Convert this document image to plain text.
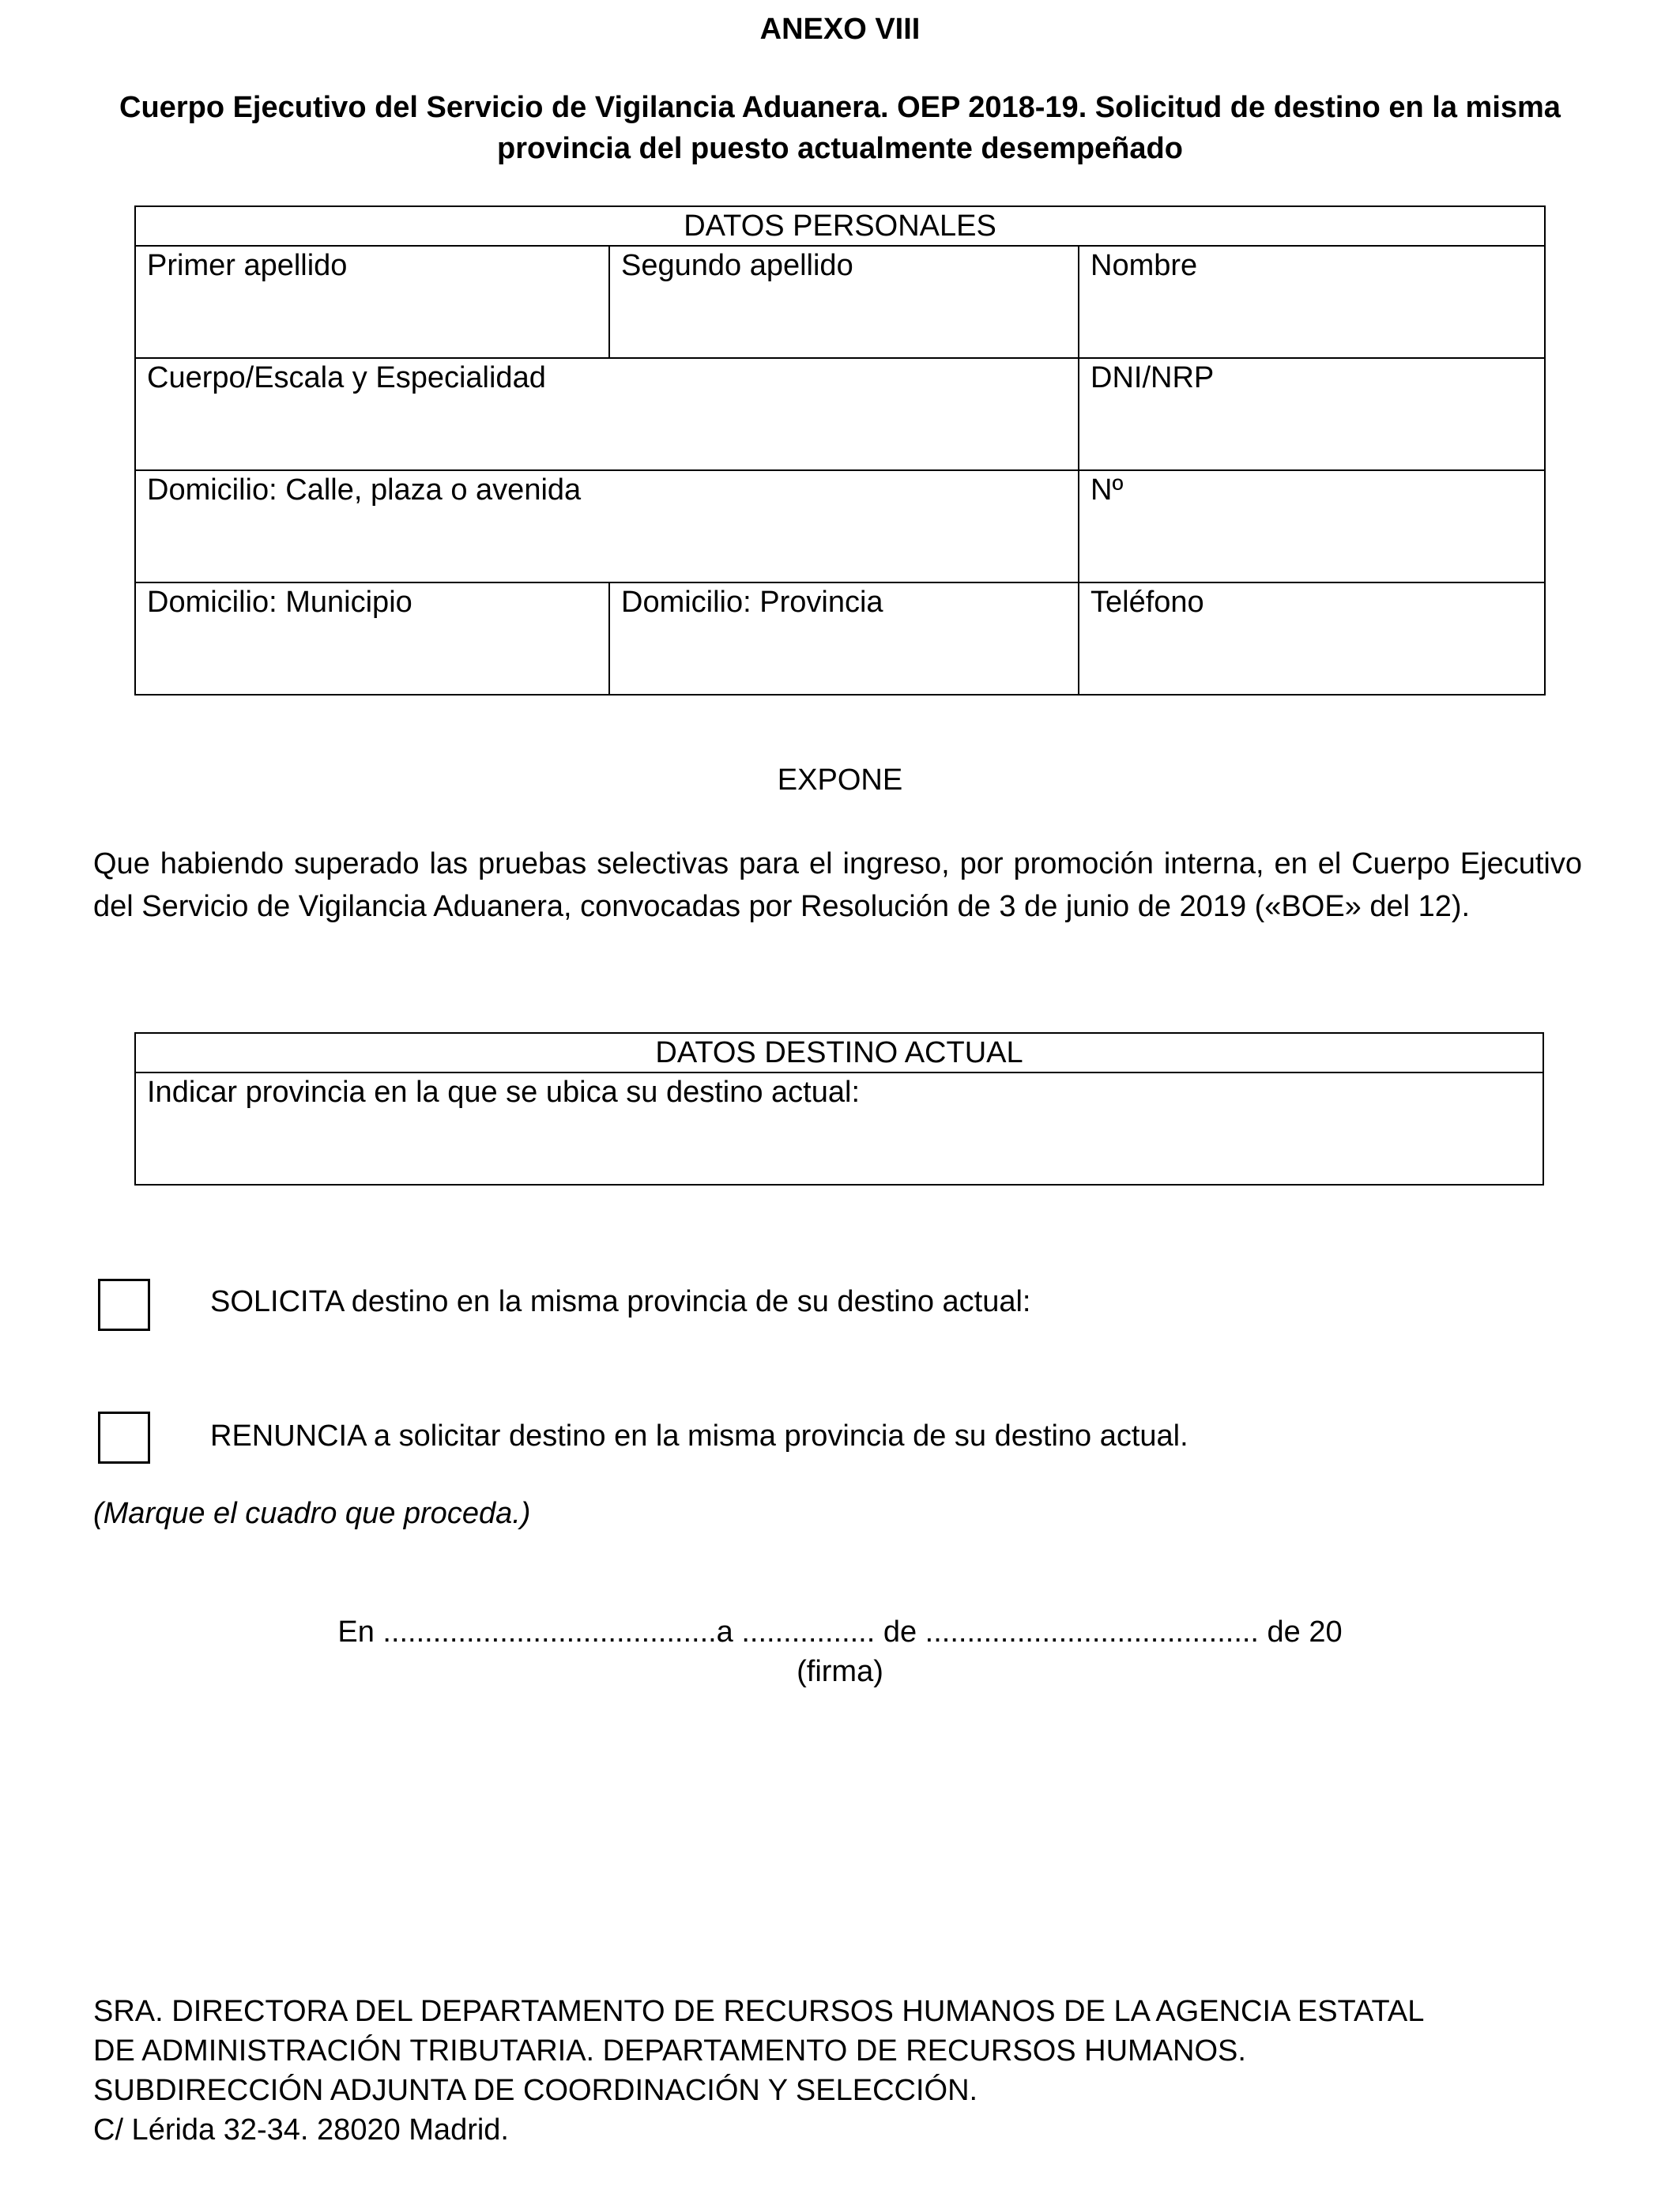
ANEXO VIII
Cuerpo Ejecutivo del Servicio de Vigilancia Aduanera. OEP 2018-19. Solicitud de destino en la misma provincia del puesto actualmente desempeñado
DATOS PERSONALES		

Primer apellido	Segundo apellido	Nombre

Cuerpo/Escala y Especialidad		DNI/NRP

Domicilio: Calle, plaza o avenida		Nº

Domicilio: Municipio	Domicilio: Provincia	Teléfono
EXPONE
Que habiendo superado las pruebas selectivas para el ingreso, por promoción interna, en el Cuerpo Ejecutivo del Servicio de Vigilancia Aduanera, convocadas por Resolución de 3 de junio de 2019 («BOE» del 12).
DATOS DESTINO ACTUAL

Indicar provincia en la que se ubica su destino actual:
SOLICITA destino en la misma provincia de su destino actual:
RENUNCIA a solicitar destino en la misma provincia de su destino actual.
(Marque el cuadro que proceda.)
En ........................................a ................ de ........................................ de 20
(firma)
SRA. DIRECTORA DEL DEPARTAMENTO DE RECURSOS HUMANOS DE LA AGENCIA ESTATAL
DE ADMINISTRACIÓN TRIBUTARIA. DEPARTAMENTO DE RECURSOS HUMANOS.
SUBDIRECCIÓN ADJUNTA DE COORDINACIÓN Y SELECCIÓN.
C/ Lérida 32-34. 28020 Madrid.
